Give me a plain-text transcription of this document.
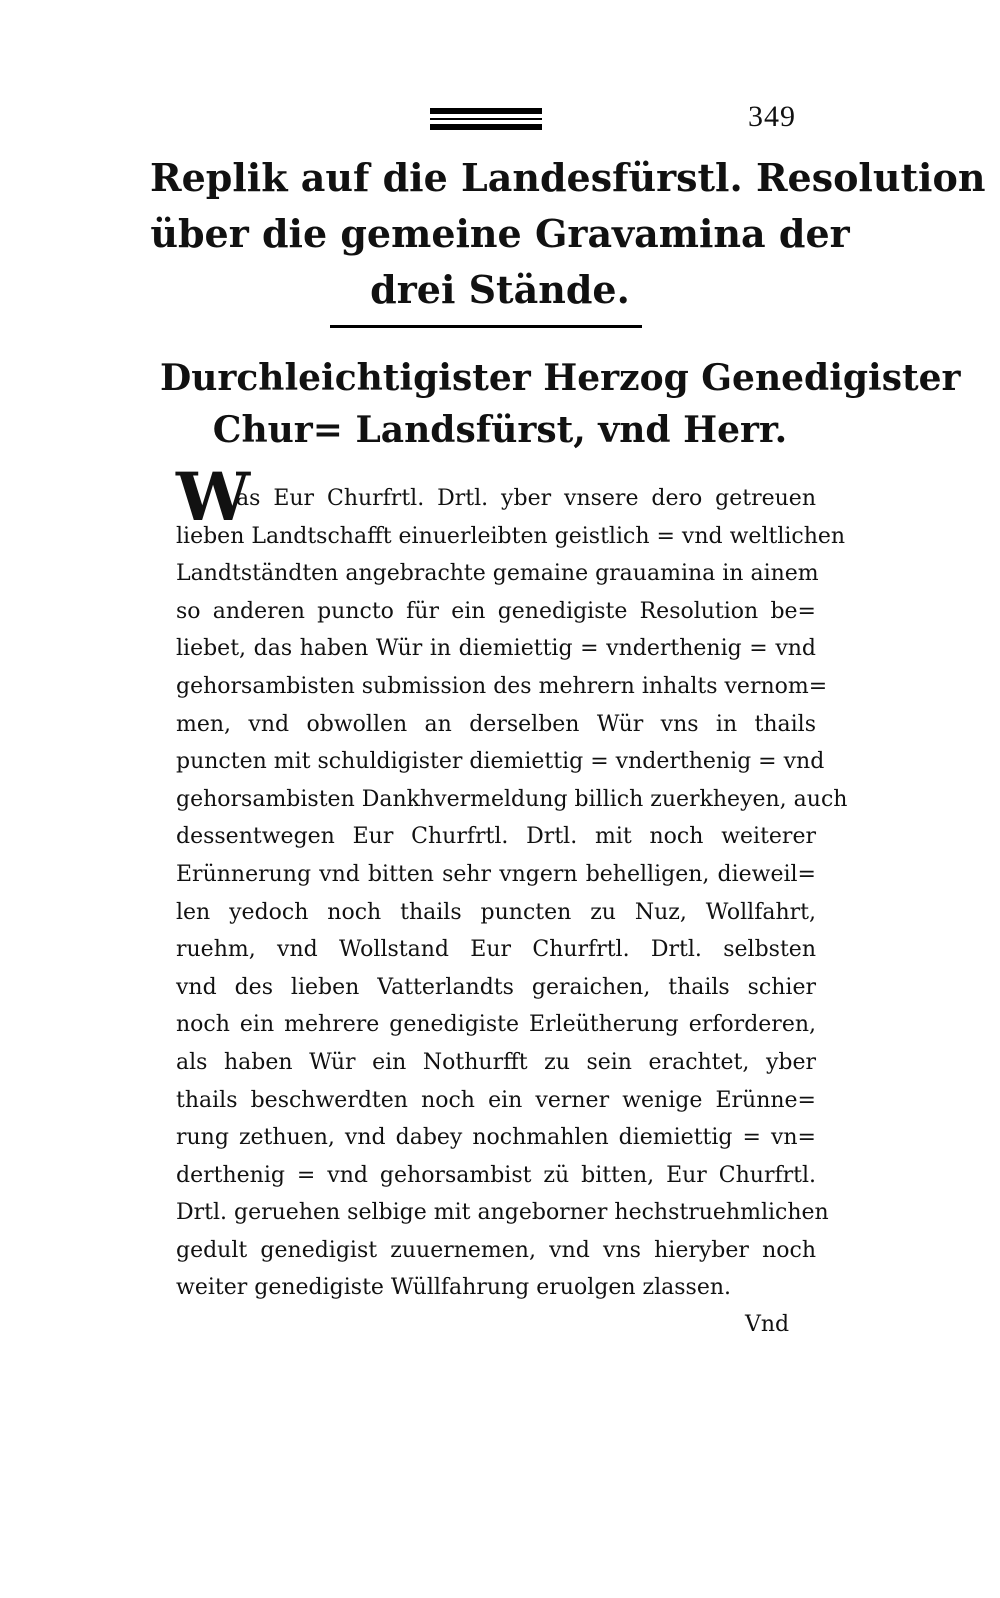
349
Replik auf die Landesfürstl. Resolution
über die gemeine Gravamina der
drei Stände.
Durchleichtigister Herzog Genedigister
Chur= Landsfürst, vnd Herr.
W
as Eur Churfrtl. Drtl. yber vnsere dero getreuen
lieben Landtschafft einuerleibten geistlich = vnd weltlichen
Landtständten angebrachte gemaine grauamina in ainem
so anderen puncto für ein genedigiste Resolution be=
liebet, das haben Wür in diemiettig = vnderthenig = vnd
gehorsambisten submission des mehrern inhalts vernom=
men, vnd obwollen an derselben Wür vns in thails
puncten mit schuldigister diemiettig = vnderthenig = vnd
gehorsambisten Dankhvermeldung billich zuerkheyen, auch
dessentwegen Eur Churfrtl. Drtl. mit noch weiterer
Erünnerung vnd bitten sehr vngern behelligen, dieweil=
len yedoch noch thails puncten zu Nuz, Wollfahrt,
ruehm, vnd Wollstand Eur Churfrtl. Drtl. selbsten
vnd des lieben Vatterlandts geraichen, thails schier
noch ein mehrere genedigiste Erleütherung erforderen,
als haben Wür ein Nothurfft zu sein erachtet, yber
thails beschwerdten noch ein verner wenige Erünne=
rung zethuen, vnd dabey nochmahlen diemiettig = vn=
derthenig = vnd gehorsambist zü bitten, Eur Churfrtl.
Drtl. geruehen selbige mit angeborner hechstruehmlichen
gedult genedigist zuuernemen, vnd vns hieryber noch
weiter genedigiste Wüllfahrung eruolgen zlassen.
Vnd
